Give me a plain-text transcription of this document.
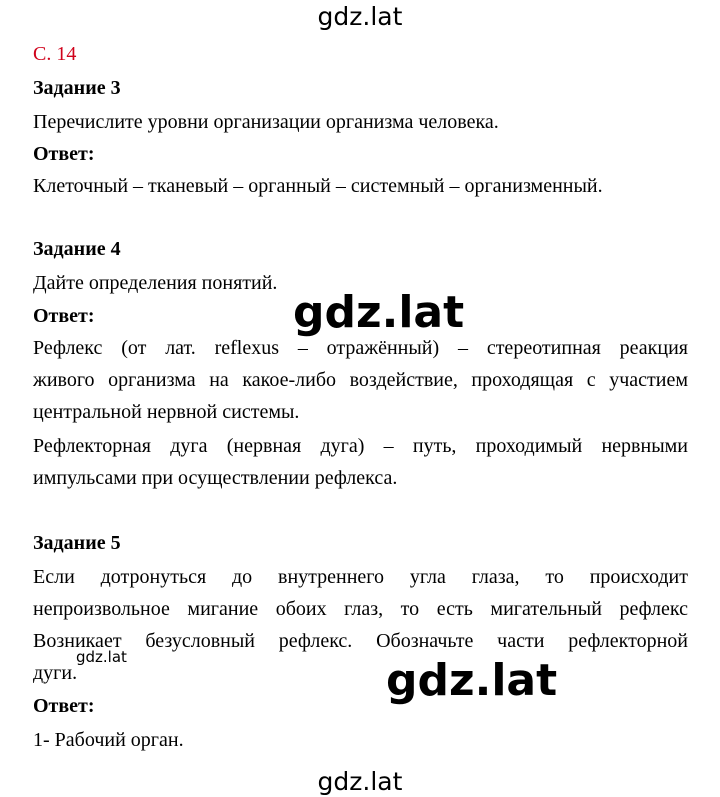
gdz.lat
С. 14
Задание 3
Перечислите уровни организации организма человека.
Ответ:
Клеточный – тканевый – органный – системный – организменный.
Задание 4
Дайте определения понятий.
Ответ:
Рефлекс (от лат. reflexus – отражённый) – стереотипная реакция
живого организма на какое-либо воздействие, проходящая с участием
центральной нервной системы.
Рефлекторная дуга (нервная дуга) – путь, проходимый нервными
импульсами при осуществлении рефлекса.
Задание 5
Если дотронуться до внутреннего угла глаза, то происходит
непроизвольное мигание обоих глаз, то есть мигательный рефлекс
Возникает безусловный рефлекс. Обозначьте части рефлекторной
дуги.
Ответ:
1- Рабочий орган.
gdz.lat
gdz.lat	gdz.lat
gdz.lat
